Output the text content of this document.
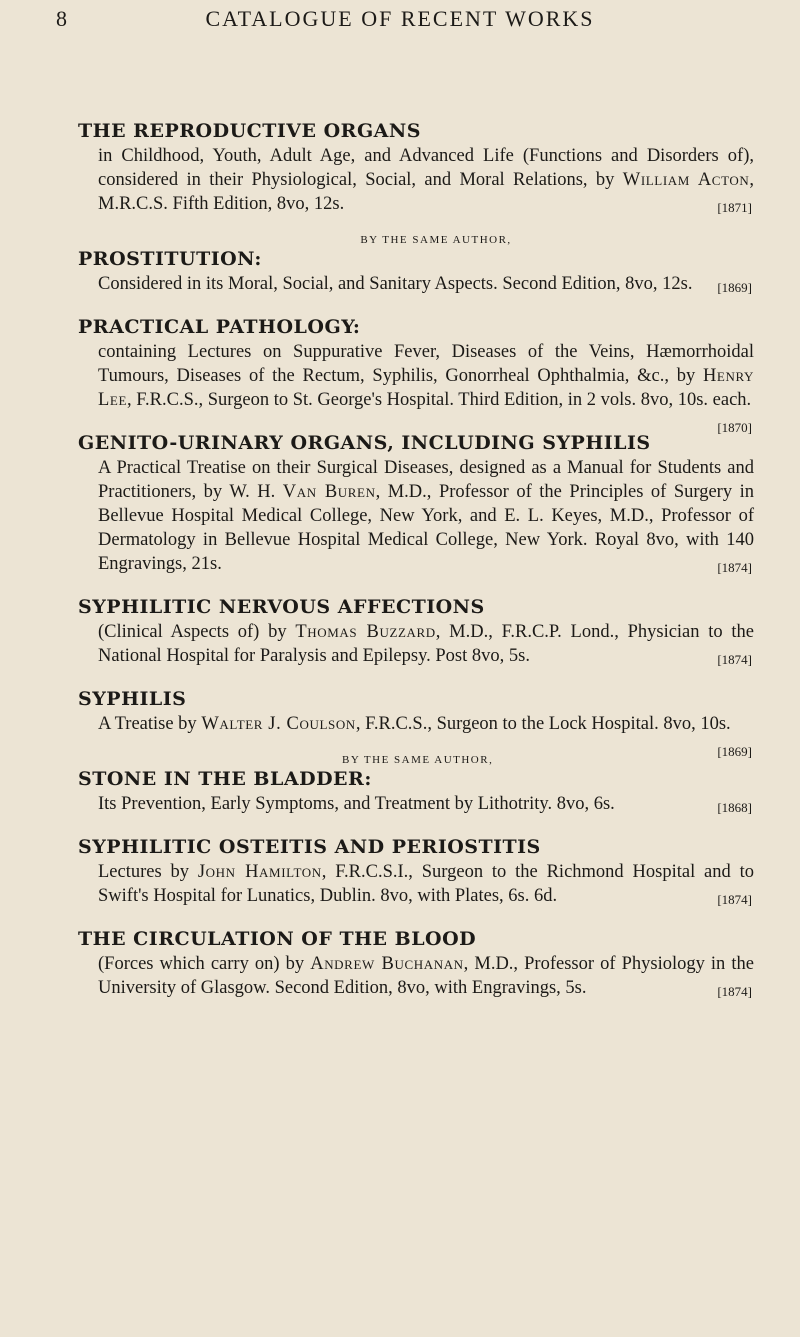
8	CATALOGUE OF RECENT WORKS
THE REPRODUCTIVE ORGANS
in Childhood, Youth, Adult Age, and Advanced Life (Functions and Disorders of), considered in their Physiological, Social, and Moral Relations, by William Acton, M.R.C.S. Fifth Edition, 8vo, 12s.	[1871]
BY THE SAME AUTHOR,
PROSTITUTION:
Considered in its Moral, Social, and Sanitary Aspects. Second Edition, 8vo, 12s. [1869]
PRACTICAL PATHOLOGY:
containing Lectures on Suppurative Fever, Diseases of the Veins, Hæmorrhoidal Tumours, Diseases of the Rectum, Syphilis, Gonorrheal Ophthalmia, &c., by Henry Lee, F.R.C.S., Surgeon to St. George's Hospital. Third Edition, in 2 vols. 8vo, 10s. each.
[1870]
GENITO-URINARY ORGANS, INCLUDING SYPHILIS
A Practical Treatise on their Surgical Diseases, designed as a Manual for Students and Practitioners, by W. H. Van Buren, M.D., Professor of the Principles of Surgery in Bellevue Hospital Medical College, New York, and E. L. Keyes, M.D., Professor of Dermatology in Bellevue Hospital Medical College, New York. Royal 8vo, with 140 Engravings, 21s.	[1874]
SYPHILITIC NERVOUS AFFECTIONS
(Clinical Aspects of) by Thomas Buzzard, M.D., F.R.C.P. Lond., Physician to the National Hospital for Paralysis and Epilepsy. Post 8vo, 5s.	[1874]
SYPHILIS
A Treatise by Walter J. Coulson, F.R.C.S., Surgeon to the Lock Hospital. 8vo, 10s.
[1869]
BY THE SAME AUTHOR,
STONE IN THE BLADDER:
Its Prevention, Early Symptoms, and Treatment by Lithotrity. 8vo, 6s.	[1868]
SYPHILITIC OSTEITIS AND PERIOSTITIS
Lectures by John Hamilton, F.R.C.S.I., Surgeon to the Richmond Hospital and to Swift's Hospital for Lunatics, Dublin. 8vo, with Plates, 6s. 6d.	[1874]
THE CIRCULATION OF THE BLOOD
(Forces which carry on) by Andrew Buchanan, M.D., Professor of Physiology in the University of Glasgow. Second Edition, 8vo, with Engravings, 5s.	[1874]
